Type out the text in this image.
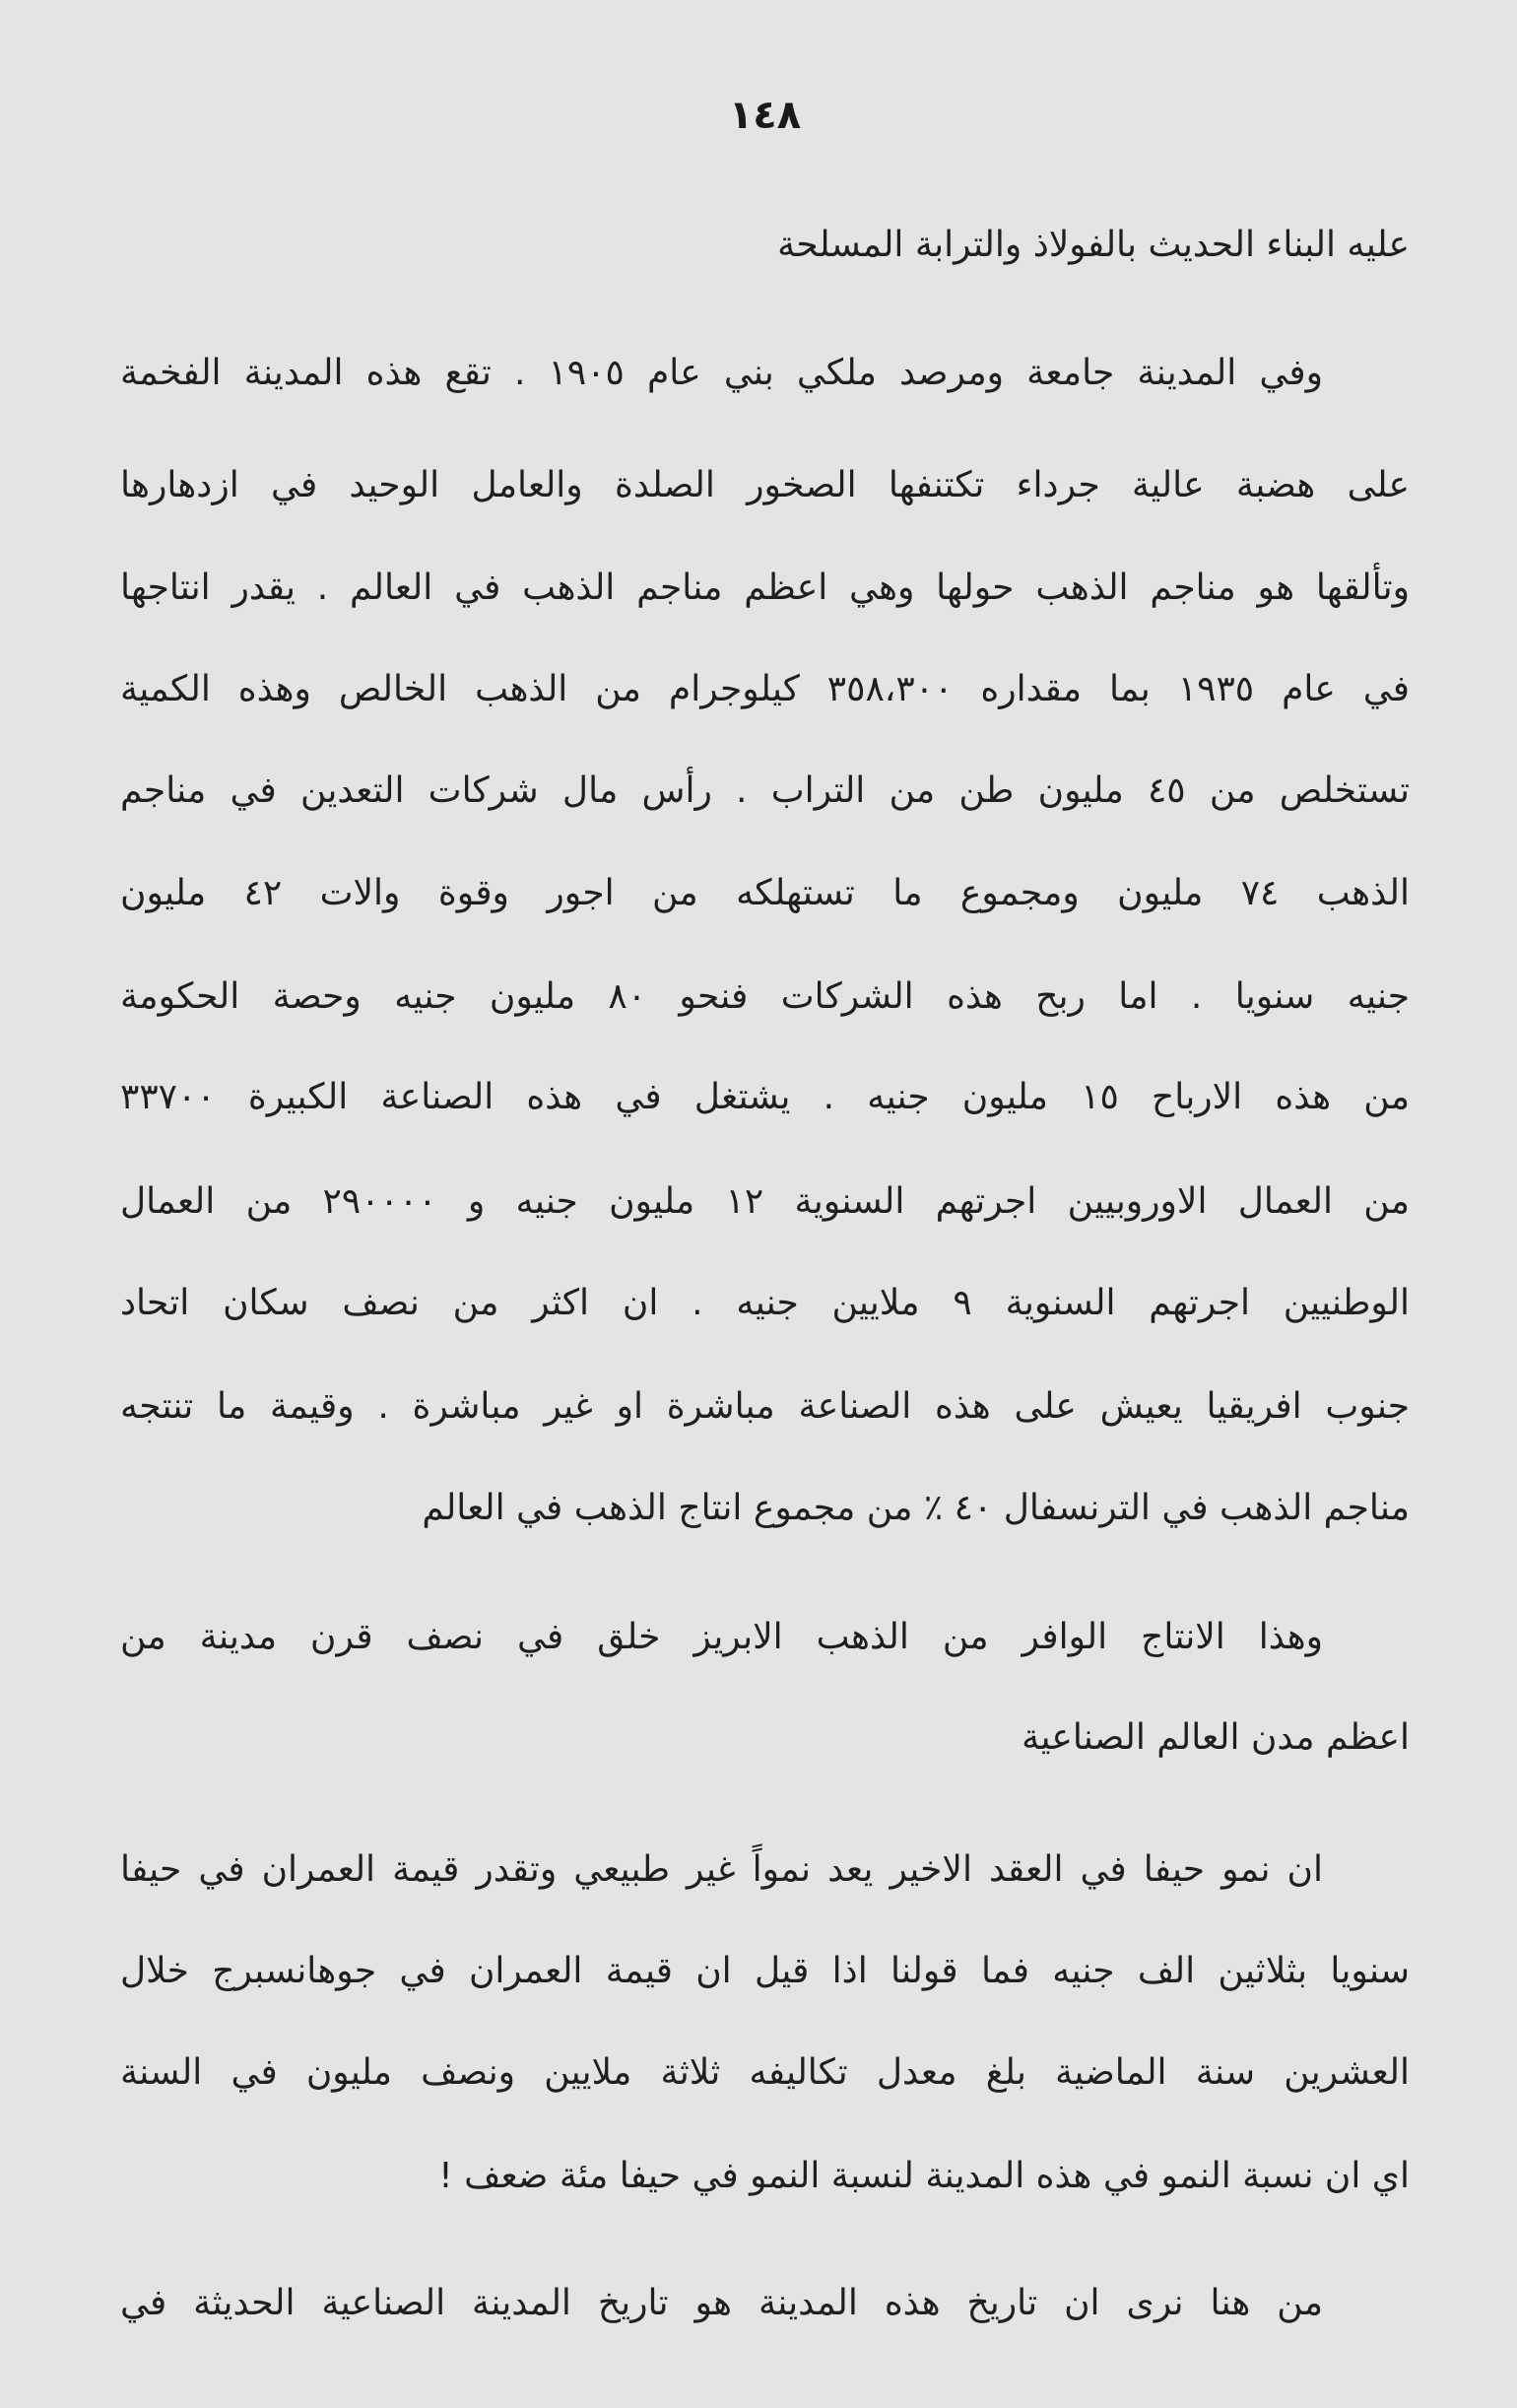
١٤٨
عليه البناء الحديث بالفولاذ والترابة المسلحة
وفي المدينة جامعة ومرصد ملكي بني عام ١٩٠٥ . تقع هذه المدينة الفخمة
على هضبة عالية جرداء تكتنفها الصخور الصلدة والعامل الوحيد في ازدهارها
وتألقها هو مناجم الذهب حولها وهي اعظم مناجم الذهب في العالم . يقدر انتاجها
في عام ١٩٣٥ بما مقداره ٣٥٨،٣٠٠ كيلوجرام من الذهب الخالص وهذه الكمية
تستخلص من ٤٥ مليون طن من التراب . رأس مال شركات التعدين في مناجم
الذهب ٧٤ مليون ومجموع ما تستهلكه من اجور وقوة والات ٤٢ مليون
جنيه سنويا . اما ربح هذه الشركات فنحو ٨٠ مليون جنيه وحصة الحكومة
من هذه الارباح ١٥ مليون جنيه . يشتغل في هذه الصناعة الكبيرة ٣٣٧٠٠
من العمال الاوروبيين اجرتهم السنوية ١٢ مليون جنيه و ٢٩٠٠٠٠ من العمال
الوطنيين اجرتهم السنوية ٩ ملايين جنيه . ان اكثر من نصف سكان اتحاد
جنوب افريقيا يعيش على هذه الصناعة مباشرة او غير مباشرة . وقيمة ما تنتجه
مناجم الذهب في الترنسفال ٤٠ ٪ من مجموع انتاج الذهب في العالم
وهذا الانتاج الوافر من الذهب الابريز خلق في نصف قرن مدينة من
اعظم مدن العالم الصناعية
ان نمو حيفا في العقد الاخير يعد نمواً غير طبيعي وتقدر قيمة العمران في حيفا
سنويا بثلاثين الف جنيه فما قولنا اذا قيل ان قيمة العمران في جوهانسبرج خلال
العشرين سنة الماضية بلغ معدل تكاليفه ثلاثة ملايين ونصف مليون في السنة
اي ان نسبة النمو في هذه المدينة لنسبة النمو في حيفا مئة ضعف !
من هنا نرى ان تاريخ هذه المدينة هو تاريخ المدينة الصناعية الحديثة في
